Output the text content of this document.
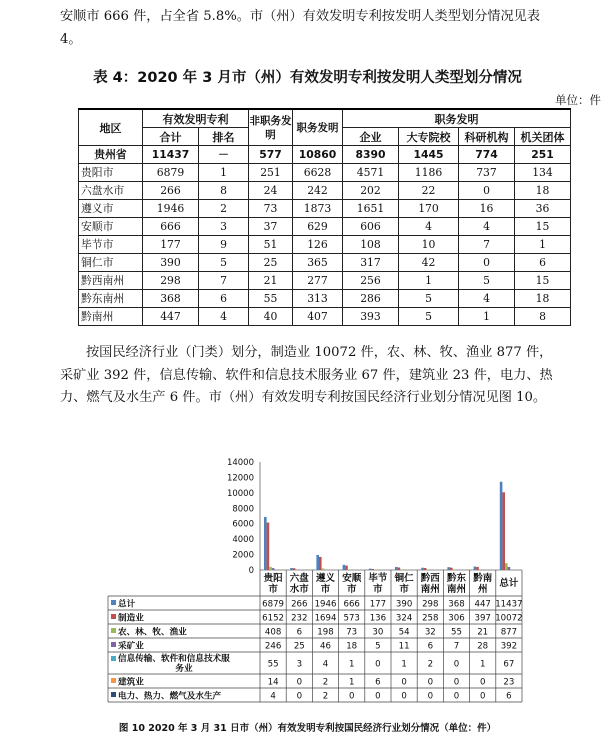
安顺市 666 件，占全省 5.8%。市（州）有效发明专利按发明人类型划分情况见表 4。

表 4：2020 年 3 月市（州）有效发明专利按发明人类型划分情况
单位：件
地区	有效发明专利		非职务发明	职务发明	职务发明			
	合计	排名			企业	大专院校	科研机构	机关团体
贵州省	11437	－	577	10860	8390	1445	774	251
贵阳市	6879	1	251	6628	4571	1186	737	134
六盘水市	266	8	24	242	202	22	0	18
遵义市	1946	2	73	1873	1651	170	16	36
安顺市	666	3	37	629	606	4	4	15
毕节市	177	9	51	126	108	10	7	1
铜仁市	390	5	25	365	317	42	0	6
黔西南州	298	7	21	277	256	1	5	15
黔东南州	368	6	55	313	286	5	4	18
黔南州	447	4	40	407	393	5	1	8

按国民经济行业（门类）划分，制造业 10072 件，农、林、牧、渔业 877 件，采矿业 392 件，信息传输、软件和信息技术服务业 67 件，建筑业 23 件，电力、热力、燃气及水生产 6 件。市（州）有效发明专利按国民经济行业划分情况见图 10。

0
2000
4000
6000
8000
10000
12000
14000
贵阳
市
六盘
水市
遵义
市
安顺
市
毕节
市
铜仁
市
黔西
南州
黔东
南州
黔南
州
总计
总计	6879 266 1946 666 177 390 298 368 447 11437
制造业	6152 232 1694 573 136 324 258 306 397 10072
农、林、牧、渔业	408 6 198 73 30 54 32 55 21 877
采矿业	246 25 46 18 5 11 6 7 28 392
信息传输、软件和信息技术服
务业	55 3 4 1 0 1 2 0 1 67
建筑业	14 0 2 1 6 0 0 0 0 23
电力、热力、燃气及水生产	4 0 2 0 0 0 0 0 0 6
图 10 2020 年 3 月 31 日市（州）有效发明专利按国民经济行业划分情况（单位：件）
